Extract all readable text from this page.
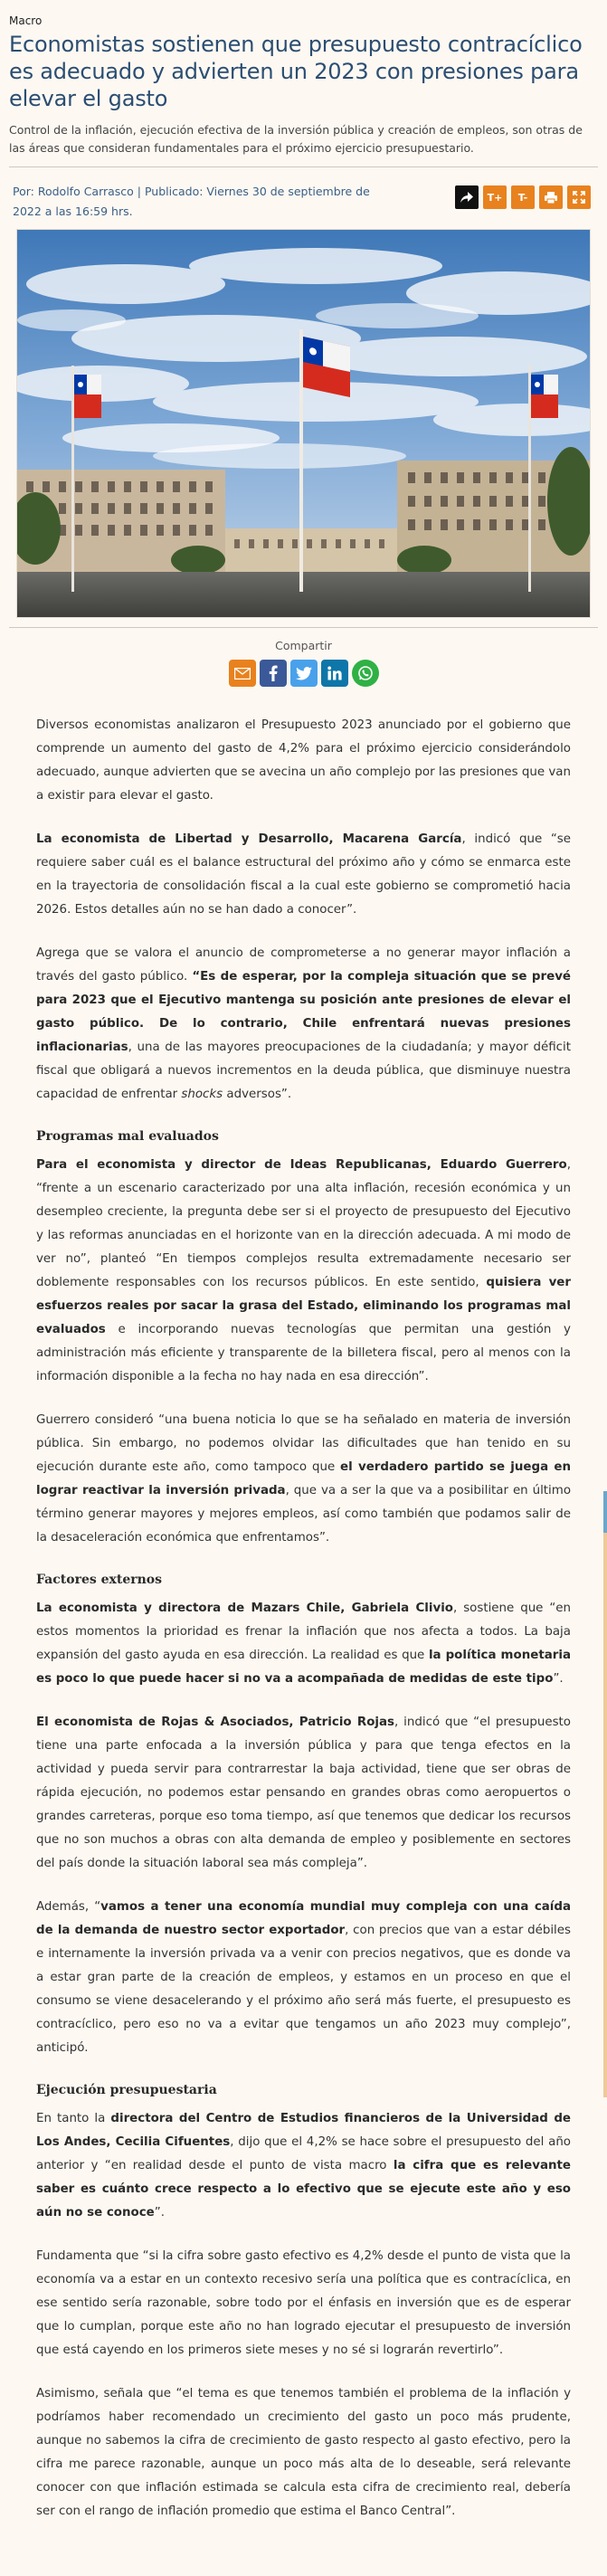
Macro
Economistas sostienen que presupuesto contracíclico es adecuado y advierten un 2023 con presiones para elevar el gasto
Control de la inflación, ejecución efectiva de la inversión pública y creación de empleos, son otras de las áreas que consideran fundamentales para el próximo ejercicio presupuestario.
Por: Rodolfo Carrasco | Publicado: Viernes 30 de septiembre de 2022 a las 16:59 hrs.
T+	T-
Compartir

Diversos economistas analizaron el Presupuesto 2023 anunciado por el gobierno que comprende un aumento del gasto de 4,2% para el próximo ejercicio considerándolo adecuado, aunque advierten que se avecina un año complejo por las presiones que van a existir para elevar el gasto.

La economista de Libertad y Desarrollo, Macarena García, indicó que “se requiere saber cuál es el balance estructural del próximo año y cómo se enmarca este en la trayectoria de consolidación fiscal a la cual este gobierno se comprometió hacia 2026. Estos detalles aún no se han dado a conocer”.

Agrega que se valora el anuncio de comprometerse a no generar mayor inflación a través del gasto público. “Es de esperar, por la compleja situación que se prevé para 2023 que el Ejecutivo mantenga su posición ante presiones de elevar el gasto público. De lo contrario, Chile enfrentará nuevas presiones inflacionarias, una de las mayores preocupaciones de la ciudadanía; y mayor déficit fiscal que obligará a nuevos incrementos en la deuda pública, que disminuye nuestra capacidad de enfrentar shocks adversos”.

Programas mal evaluados

Para el economista y director de Ideas Republicanas, Eduardo Guerrero, “frente a un escenario caracterizado por una alta inflación, recesión económica y un desempleo creciente, la pregunta debe ser si el proyecto de presupuesto del Ejecutivo y las reformas anunciadas en el horizonte van en la dirección adecuada. A mi modo de ver no”, planteó “En tiempos complejos resulta extremadamente necesario ser doblemente responsables con los recursos públicos. En este sentido, quisiera ver esfuerzos reales por sacar la grasa del Estado, eliminando los programas mal evaluados e incorporando nuevas tecnologías que permitan una gestión y administración más eficiente y transparente de la billetera fiscal, pero al menos con la información disponible a la fecha no hay nada en esa dirección”.

Guerrero consideró “una buena noticia lo que se ha señalado en materia de inversión pública. Sin embargo, no podemos olvidar las dificultades que han tenido en su ejecución durante este año, como tampoco que el verdadero partido se juega en lograr reactivar la inversión privada, que va a ser la que va a posibilitar en último término generar mayores y mejores empleos, así como también que podamos salir de la desaceleración económica que enfrentamos”.

Factores externos

La economista y directora de Mazars Chile, Gabriela Clivio, sostiene que “en estos momentos la prioridad es frenar la inflación que nos afecta a todos. La baja expansión del gasto ayuda en esa dirección. La realidad es que la política monetaria es poco lo que puede hacer si no va a acompañada de medidas de este tipo”.

El economista de Rojas & Asociados, Patricio Rojas, indicó que “el presupuesto tiene una parte enfocada a la inversión pública y para que tenga efectos en la actividad y pueda servir para contrarrestar la baja actividad, tiene que ser obras de rápida ejecución, no podemos estar pensando en grandes obras como aeropuertos o grandes carreteras, porque eso toma tiempo, así que tenemos que dedicar los recursos que no son muchos a obras con alta demanda de empleo y posiblemente en sectores del país donde la situación laboral sea más compleja”.

Además, “vamos a tener una economía mundial muy compleja con una caída de la demanda de nuestro sector exportador, con precios que van a estar débiles e internamente la inversión privada va a venir con precios negativos, que es donde va a estar gran parte de la creación de empleos, y estamos en un proceso en que el consumo se viene desacelerando y el próximo año será más fuerte, el presupuesto es contracíclico, pero eso no va a evitar que tengamos un año 2023 muy complejo”, anticipó.

Ejecución presupuestaria

En tanto la directora del Centro de Estudios financieros de la Universidad de Los Andes, Cecilia Cifuentes, dijo que el 4,2% se hace sobre el presupuesto del año anterior y “en realidad desde el punto de vista macro la cifra que es relevante saber es cuánto crece respecto a lo efectivo que se ejecute este año y eso aún no se conoce”.

Fundamenta que “si la cifra sobre gasto efectivo es 4,2% desde el punto de vista que la economía va a estar en un contexto recesivo sería una política que es contracíclica, en ese sentido sería razonable, sobre todo por el énfasis en inversión que es de esperar que lo cumplan, porque este año no han logrado ejecutar el presupuesto de inversión que está cayendo en los primeros siete meses y no sé si lograrán revertirlo”.

Asimismo, señala que “el tema es que tenemos también el problema de la inflación y podríamos haber recomendado un crecimiento del gasto un poco más prudente, aunque no sabemos la cifra de crecimiento de gasto respecto al gasto efectivo, pero la cifra me parece razonable, aunque un poco más alta de lo deseable, será relevante conocer con que inflación estimada se calcula esta cifra de crecimiento real, debería ser con el rango de inflación promedio que estima el Banco Central”.
